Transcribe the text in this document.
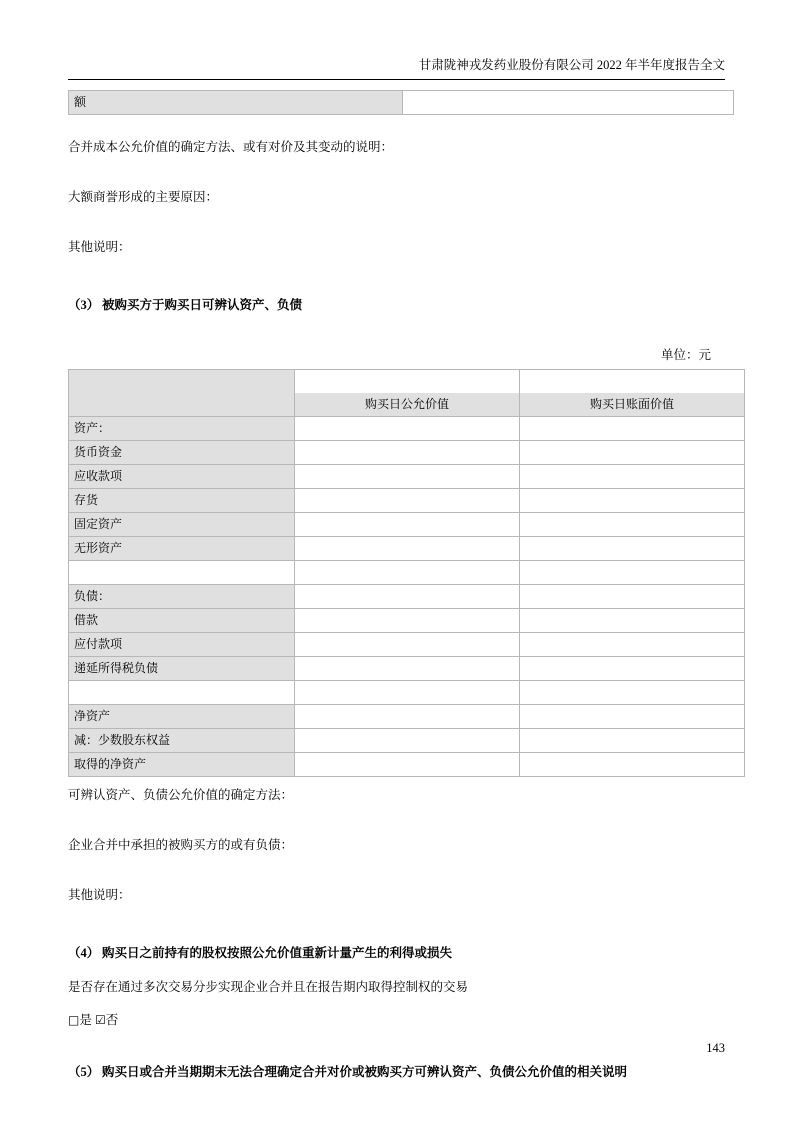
甘肃陇神戎发药业股份有限公司 2022 年半年度报告全文
额	

合并成本公允价值的确定方法、或有对价及其变动的说明：

大额商誉形成的主要原因：

其他说明：

（3） 被购买方于购买日可辨认资产、负债

单位：元

	购买日公允价值	购买日账面价值
资产：		
货币资金		
应收款项		
存货		
固定资产		
无形资产		

负债：		
借款		
应付款项		
递延所得税负债		

净资产		
减：少数股东权益		
取得的净资产		

可辨认资产、负债公允价值的确定方法：

企业合并中承担的被购买方的或有负债：

其他说明：

（4） 购买日之前持有的股权按照公允价值重新计量产生的利得或损失

是否存在通过多次交易分步实现企业合并且在报告期内取得控制权的交易

□是 ☑否

（5） 购买日或合并当期期末无法合理确定合并对价或被购买方可辨认资产、负债公允价值的相关说明

143
